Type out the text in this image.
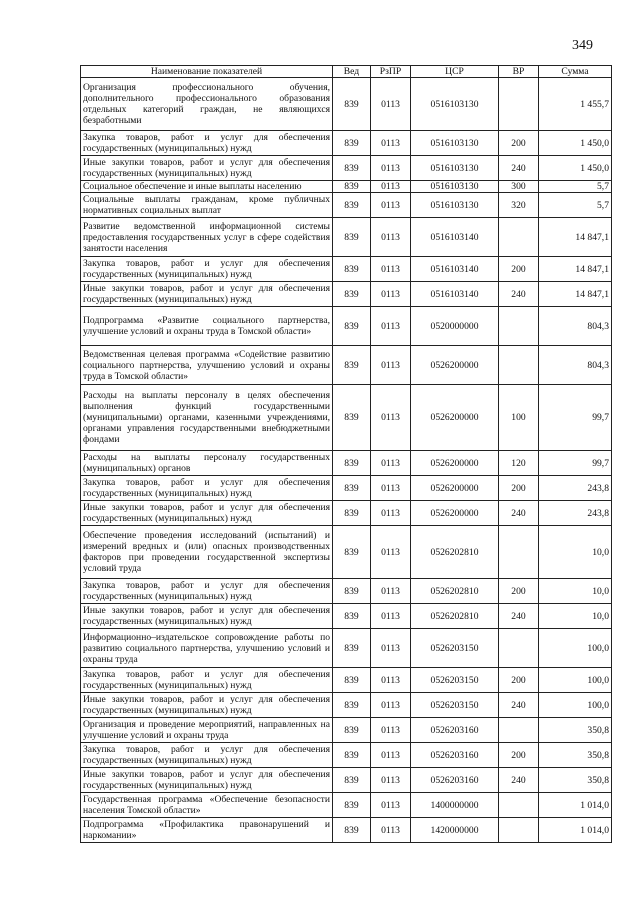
349
Наименование показателей	Вед	РзПР	ЦСР	ВР	Сумма
Организация профессионального обучения, дополнительного профессионального образования отдельных категорий граждан, не являющихся безработными	839	0113	0516103130		1 455,7
Закупка товаров, работ и услуг для обеспечения государственных (муниципальных) нужд	839	0113	0516103130	200	1 450,0
Иные закупки товаров, работ и услуг для обеспечения государственных (муниципальных) нужд	839	0113	0516103130	240	1 450,0
Социальное обеспечение и иные выплаты населению	839	0113	0516103130	300	5,7
Социальные выплаты гражданам, кроме публичных нормативных социальных выплат	839	0113	0516103130	320	5,7
Развитие ведомственной информационной системы предоставления государственных услуг в сфере содействия занятости населения	839	0113	0516103140		14 847,1
Закупка товаров, работ и услуг для обеспечения государственных (муниципальных) нужд	839	0113	0516103140	200	14 847,1
Иные закупки товаров, работ и услуг для обеспечения государственных (муниципальных) нужд	839	0113	0516103140	240	14 847,1
Подпрограмма «Развитие социального партнерства, улучшение условий и охраны труда в Томской области»	839	0113	0520000000		804,3
Ведомственная целевая программа «Содействие развитию социального партнерства, улучшению условий и охраны труда в Томской области»	839	0113	0526200000		804,3
Расходы на выплаты персоналу в целях обеспечения выполнения функций государственными (муниципальными) органами, казенными учреждениями, органами управления государственными внебюджетными фондами	839	0113	0526200000	100	99,7
Расходы на выплаты персоналу государственных (муниципальных) органов	839	0113	0526200000	120	99,7
Закупка товаров, работ и услуг для обеспечения государственных (муниципальных) нужд	839	0113	0526200000	200	243,8
Иные закупки товаров, работ и услуг для обеспечения государственных (муниципальных) нужд	839	0113	0526200000	240	243,8
Обеспечение проведения исследований (испытаний) и измерений вредных и (или) опасных производственных факторов при проведении государственной экспертизы условий труда	839	0113	0526202810		10,0
Закупка товаров, работ и услуг для обеспечения государственных (муниципальных) нужд	839	0113	0526202810	200	10,0
Иные закупки товаров, работ и услуг для обеспечения государственных (муниципальных) нужд	839	0113	0526202810	240	10,0
Информационно–издательское сопровождение работы по развитию социального партнерства, улучшению условий и охраны труда	839	0113	0526203150		100,0
Закупка товаров, работ и услуг для обеспечения государственных (муниципальных) нужд	839	0113	0526203150	200	100,0
Иные закупки товаров, работ и услуг для обеспечения государственных (муниципальных) нужд	839	0113	0526203150	240	100,0
Организация и проведение мероприятий, направленных на улучшение условий и охраны труда	839	0113	0526203160		350,8
Закупка товаров, работ и услуг для обеспечения государственных (муниципальных) нужд	839	0113	0526203160	200	350,8
Иные закупки товаров, работ и услуг для обеспечения государственных (муниципальных) нужд	839	0113	0526203160	240	350,8
Государственная программа «Обеспечение безопасности населения Томской области»	839	0113	1400000000		1 014,0
Подпрограмма «Профилактика правонарушений и наркомании»	839	0113	1420000000		1 014,0
